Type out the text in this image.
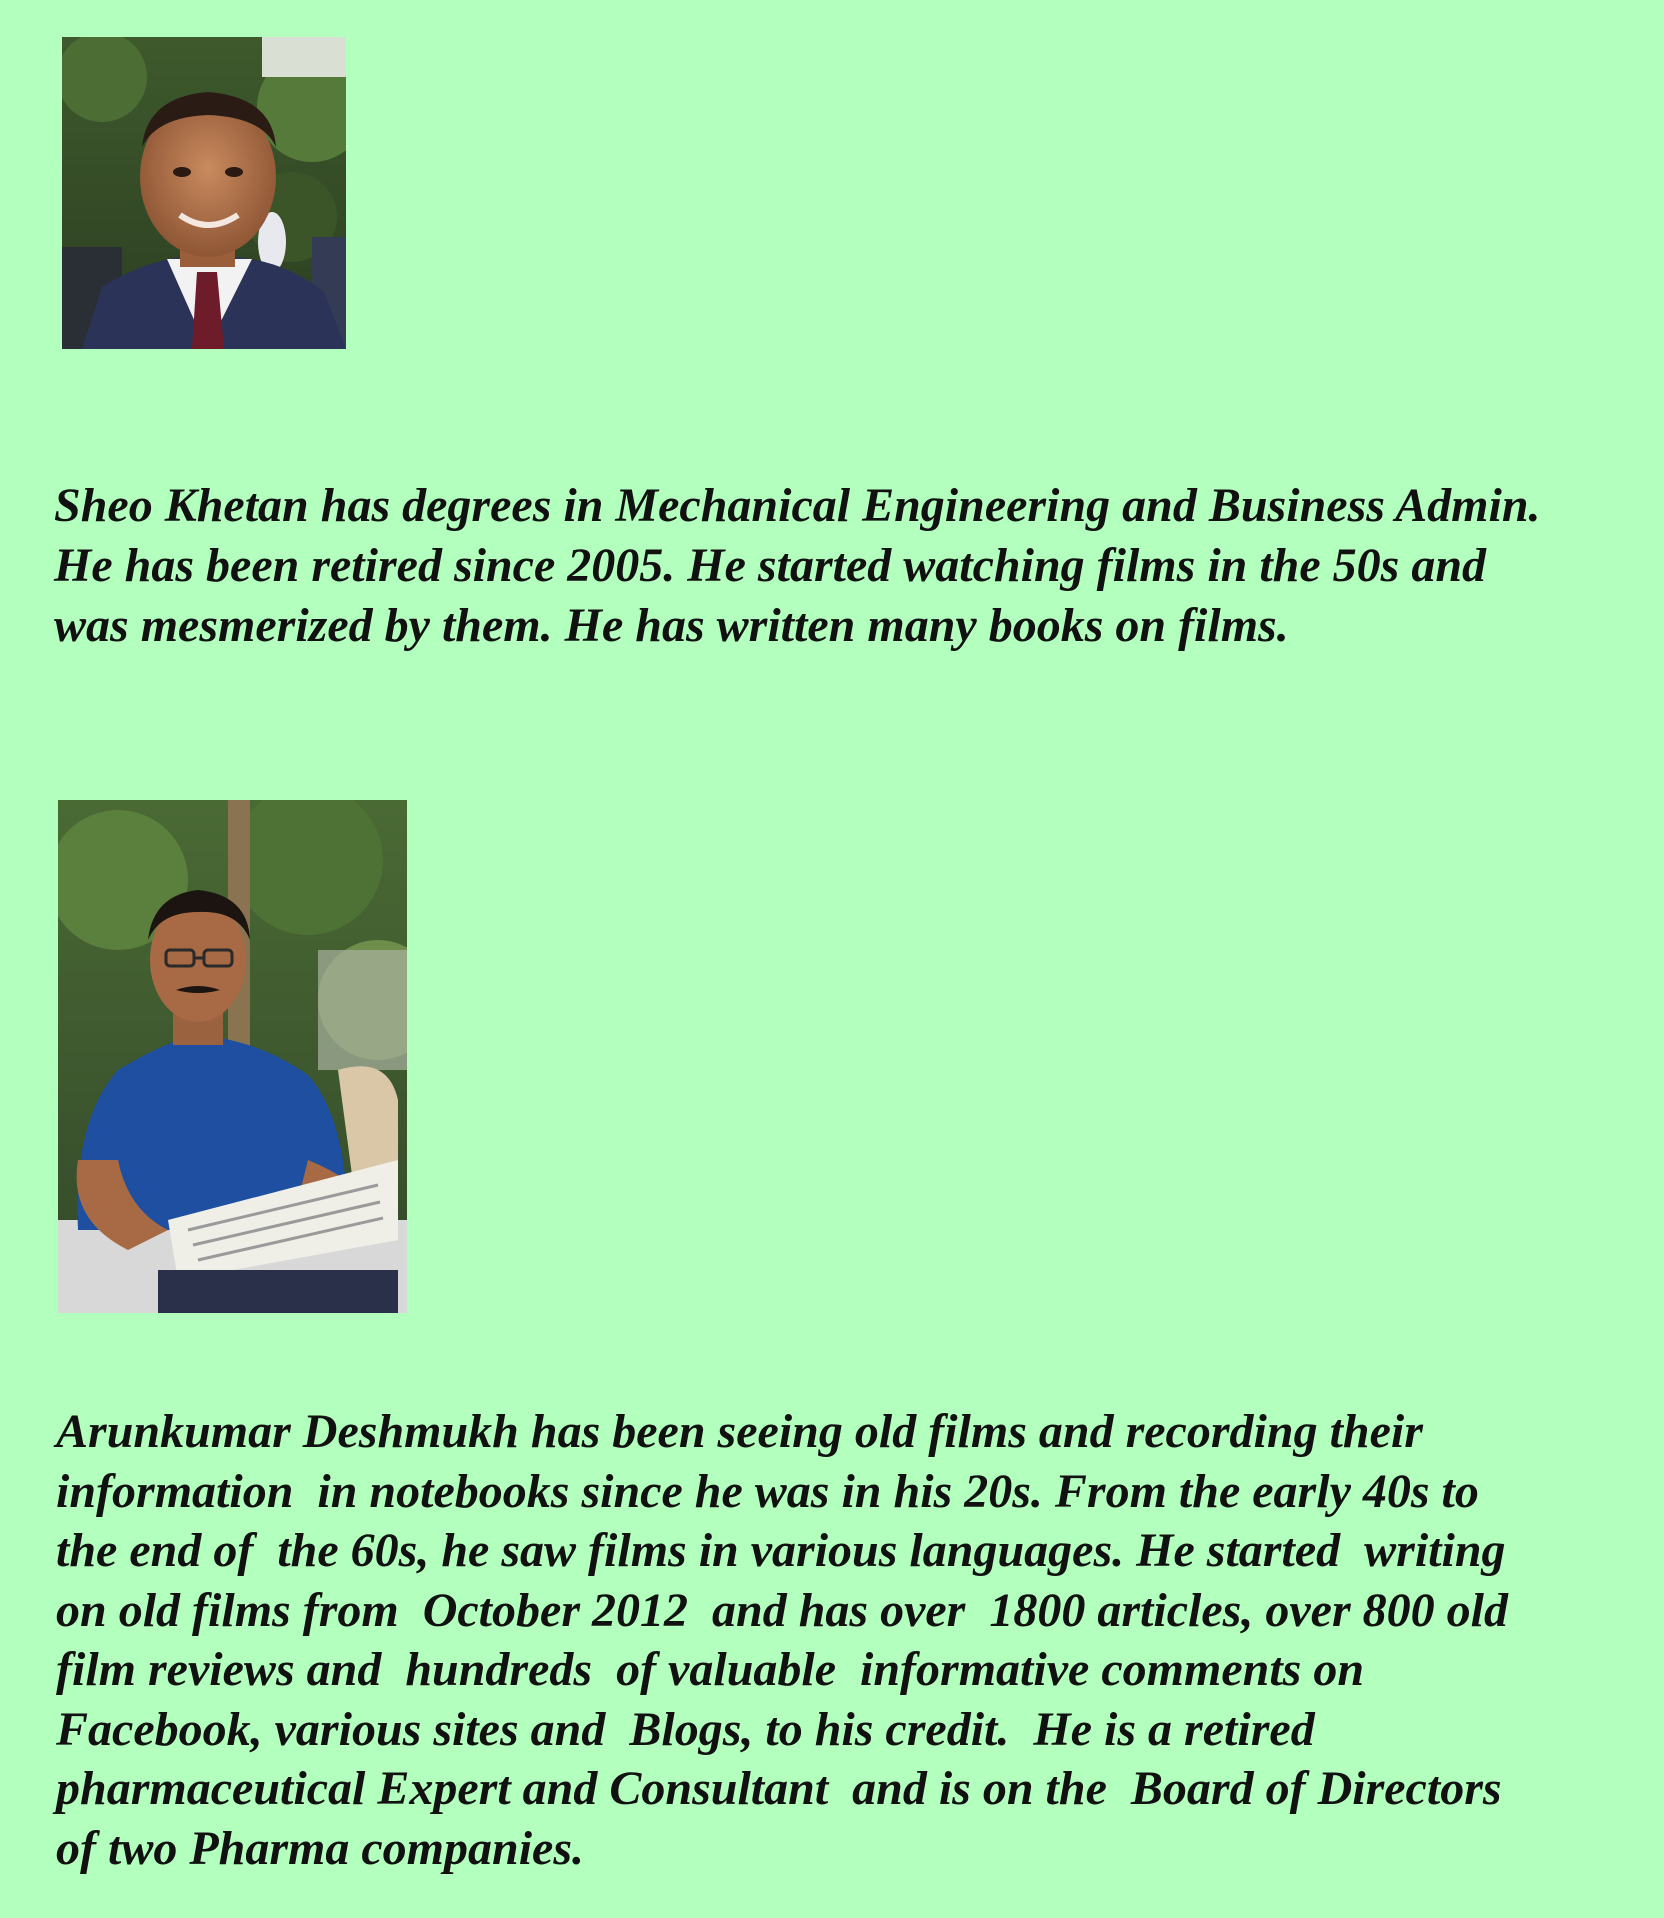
Sheo Khetan has degrees in Mechanical Engineering and Business Admin.
He has been retired since 2005. He started watching films in the 50s and
was mesmerized by them. He has written many books on films.

Arunkumar Deshmukh has been seeing old films and recording their
information  in notebooks since he was in his 20s. From the early 40s to
the end of  the 60s, he saw films in various languages. He started  writing
on old films from  October 2012  and has over  1800 articles, over 800 old
film reviews and  hundreds  of valuable  informative comments on
Facebook, various sites and  Blogs, to his credit.  He is a retired
pharmaceutical Expert and Consultant  and is on the  Board of Directors
of two Pharma companies.
